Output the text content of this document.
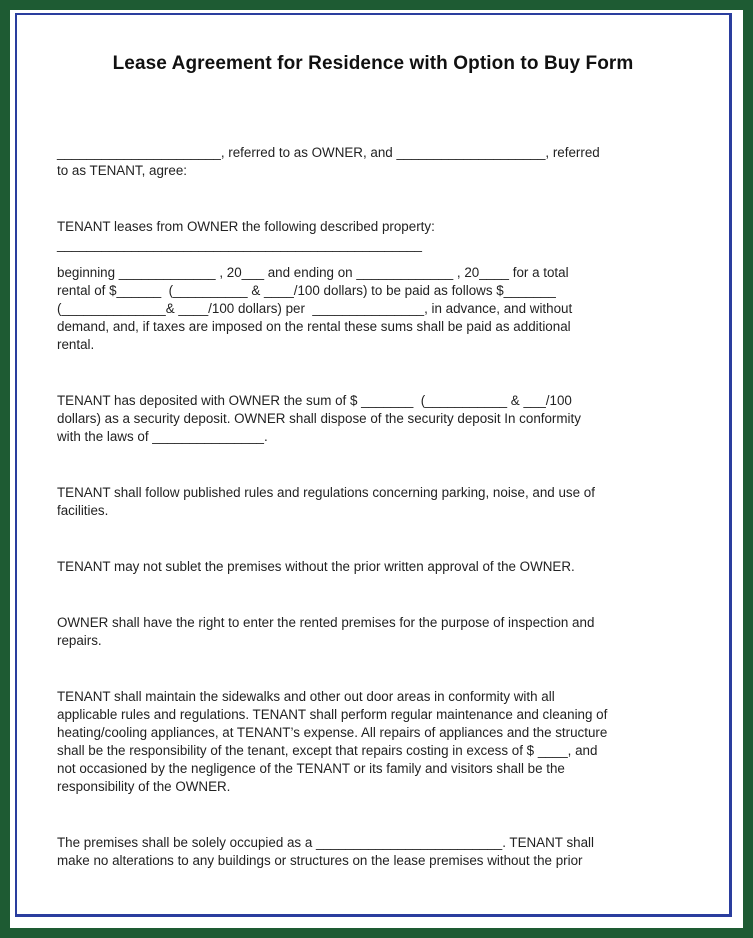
Lease Agreement for Residence with Option to Buy Form
______________________, referred to as OWNER, and ____________________, referred
to as TENANT, agree:
TENANT leases from OWNER the following described property:
_________________________________________________
beginning _____________ , 20___ and ending on _____________ , 20____ for a total
rental of $______  (__________ & ____/100 dollars) to be paid as follows $_______
(______________& ____/100 dollars) per  _______________, in advance, and without
demand, and, if taxes are imposed on the rental these sums shall be paid as additional
rental.
TENANT has deposited with OWNER the sum of $ _______  (___________ & ___/100
dollars) as a security deposit. OWNER shall dispose of the security deposit In conformity
with the laws of _______________.
TENANT shall follow published rules and regulations concerning parking, noise, and use of
facilities.
TENANT may not sublet the premises without the prior written approval of the OWNER.
OWNER shall have the right to enter the rented premises for the purpose of inspection and
repairs.
TENANT shall maintain the sidewalks and other out door areas in conformity with all
applicable rules and regulations. TENANT shall perform regular maintenance and cleaning of
heating/cooling appliances, at TENANT’s expense. All repairs of appliances and the structure
shall be the responsibility of the tenant, except that repairs costing in excess of $ ____, and
not occasioned by the negligence of the TENANT or its family and visitors shall be the
responsibility of the OWNER.
The premises shall be solely occupied as a _________________________. TENANT shall
make no alterations to any buildings or structures on the lease premises without the prior
